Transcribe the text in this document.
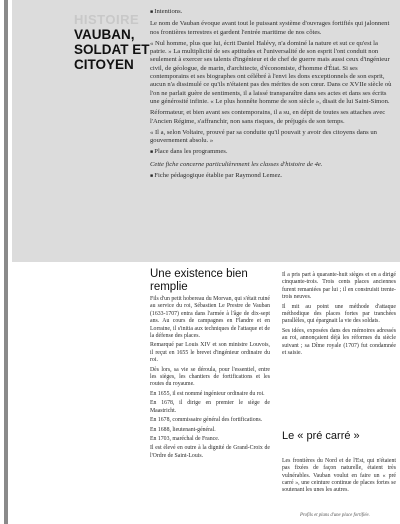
HISTOIRE
VAUBAN, SOLDAT ET CITOYEN

■ Intentions.

Le nom de Vauban évoque avant tout le puissant système d'ouvrages fortifiés qui jalonnent nos frontières terrestres et gardent l'entrée maritime de nos côtes.

« Nul homme, plus que lui, écrit Daniel Halévy, n'a dominé la nature et sut ce qu'est la patrie. » La multiplicité de ses aptitudes et l'universalité de son esprit l'ont conduit non seulement à exercer ses talents d'ingénieur et de chef de guerre mais aussi ceux d'ingénieur civil, de géologue, de marin, d'architecte, d'économiste, d'homme d'État. Si ses contemporains et ses biographes ont célébré à l'envi les dons exceptionnels de son esprit, aucun n'a dissimulé ce qu'ils n'étaient pas des mérites de son cœur. Dans ce XVIIe siècle où l'on ne parlait guère de sentiments, il a laissé transparaître dans ses actes et dans ses écrits une générosité infinie. « Le plus honnête homme de son siècle », disait de lui Saint-Simon.

Réformateur, et bien avant ses contemporains, il a su, en dépit de toutes ses attaches avec l'Ancien Régime, s'affranchir, non sans risques, de préjugés de son temps.

« Il a, selon Voltaire, prouvé par sa conduite qu'il pouvait y avoir des citoyens dans un gouvernement absolu. »

■ Place dans les programmes.

Cette fiche concerne particulièrement les classes d'histoire de 4e.

■ Fiche pédagogique établie par Raymond Lemez.

Une existence bien remplie

Fils d'un petit hobereau du Morvan, qui s'était ruiné au service du roi, Sébastien Le Prestre de Vauban (1633-1707) entra dans l'armée à l'âge de dix-sept ans. Au cours de campagnes en Flandre et en Lorraine, il s'initia aux techniques de l'attaque et de la défense des places.

Remarqué par Louis XIV et son ministre Louvois, il reçut en 1655 le brevet d'ingénieur ordinaire du roi.

Dès lors, sa vie se déroula, pour l'essentiel, entre les sièges, les chantiers de fortifications et les routes du royaume.

En 1655, il est nommé ingénieur ordinaire du roi.

En 1678, il dirige en premier le siège de Maastricht.

En 1678, commissaire général des fortifications.

En 1688, lieutenant-général.

En 1703, maréchal de France.

Il est élevé en outre à la dignité de Grand-Croix de l'Ordre de Saint-Louis.

Il a pris part à quarante-huit sièges et en a dirigé cinquante-trois. Trois cents places anciennes furent remaniées par lui ; il en construisit trente-trois neuves.

Il mit au point une méthode d'attaque méthodique des places fortes par tranchées parallèles, qui épargnait la vie des soldats.

Ses idées, exposées dans des mémoires adressés au roi, annonçaient déjà les réformes du siècle suivant ; sa Dîme royale (1707) fut condamnée et saisie.

Le « pré carré »

Les frontières du Nord et de l'Est, qui n'étaient pas fixées de façon naturelle, étaient très vulnérables. Vauban voulut en faire un « pré carré », une ceinture continue de places fortes se soutenant les unes les autres.

Profils et plans d'une place fortifiée.
